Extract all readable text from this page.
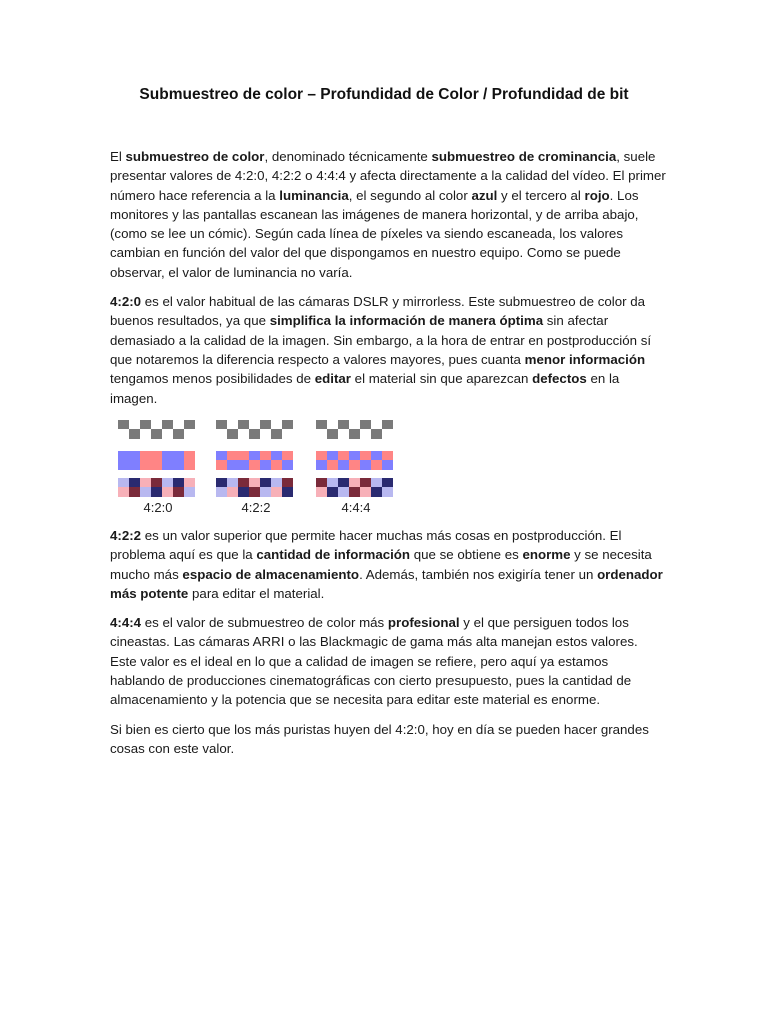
Submuestreo de color – Profundidad de Color / Profundidad de bit

El submuestreo de color, denominado técnicamente submuestreo de crominancia, suele presentar valores de 4:2:0, 4:2:2 o 4:4:4 y afecta directamente a la calidad del vídeo. El primer número hace referencia a la luminancia, el segundo al color azul y el tercero al rojo. Los monitores y las pantallas escanean las imágenes de manera horizontal, y de arriba abajo, (como se lee un cómic). Según cada línea de píxeles va siendo escaneada, los valores cambian en función del valor del que dispongamos en nuestro equipo. Como se puede observar, el valor de luminancia no varía.

4:2:0 es el valor habitual de las cámaras DSLR y mirrorless. Este submuestreo de color da buenos resultados, ya que simplifica la información de manera óptima sin afectar demasiado a la calidad de la imagen. Sin embargo, a la hora de entrar en postproducción sí que notaremos la diferencia respecto a valores mayores, pues cuanta menor información tengamos menos posibilidades de editar el material sin que aparezcan defectos en la imagen.

4:2:0	4:2:2	4:4:4

4:2:2 es un valor superior que permite hacer muchas más cosas en postproducción. El problema aquí es que la cantidad de información que se obtiene es enorme y se necesita mucho más espacio de almacenamiento. Además, también nos exigiría tener un ordenador más potente para editar el material.

4:4:4 es el valor de submuestreo de color más profesional y el que persiguen todos los cineastas. Las cámaras ARRI o las Blackmagic de gama más alta manejan estos valores. Este valor es el ideal en lo que a calidad de imagen se refiere, pero aquí ya estamos hablando de producciones cinematográficas con cierto presupuesto, pues la cantidad de almacenamiento y la potencia que se necesita para editar este material es enorme.

Si bien es cierto que los más puristas huyen del 4:2:0, hoy en día se pueden hacer grandes cosas con este valor.
